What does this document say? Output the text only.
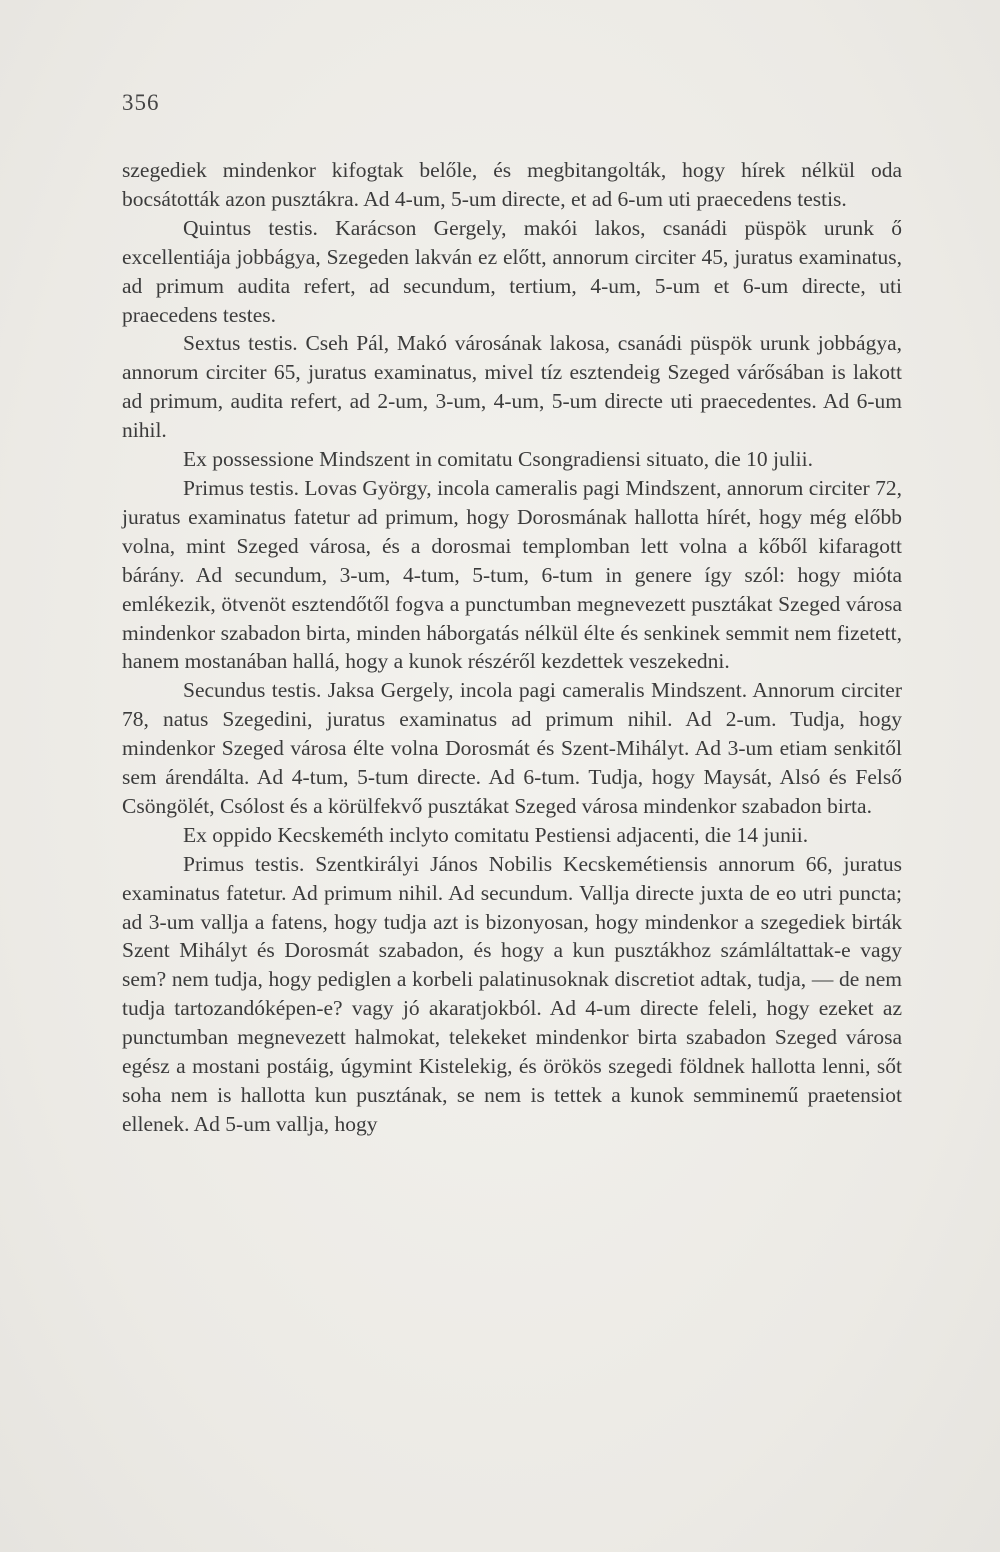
356

szegediek mindenkor kifogtak belőle, és megbitangolták, hogy hírek nélkül oda bocsátották azon pusztákra. Ad 4-um, 5-um directe, et ad 6-um uti praecedens testis.

Quintus testis. Karácson Gergely, makói lakos, csanádi püspök urunk ő excellentiája jobbágya, Szegeden lakván ez előtt, annorum circiter 45, juratus examinatus, ad primum audita refert, ad secundum, tertium, 4-um, 5-um et 6-um directe, uti praecedens testes.

Sextus testis. Cseh Pál, Makó városának lakosa, csanádi püspök urunk jobbágya, annorum circiter 65, juratus examinatus, mivel tíz esztendeig Szeged várősában is lakott ad primum, audita refert, ad 2-um, 3-um, 4-um, 5-um directe uti praecedentes. Ad 6-um nihil.

Ex possessione Mindszent in comitatu Csongradiensi situato, die 10 julii.

Primus testis. Lovas György, incola cameralis pagi Mindszent, annorum circiter 72, juratus examinatus fatetur ad primum, hogy Dorosmának hallotta hírét, hogy még előbb volna, mint Szeged városa, és a dorosmai templomban lett volna a kőből kifaragott bárány. Ad secundum, 3-um, 4-tum, 5-tum, 6-tum in genere így szól: hogy mióta emlékezik, ötvenöt esztendőtől fogva a punctumban megnevezett pusztákat Szeged városa mindenkor szabadon birta, minden háborgatás nélkül élte és senkinek semmit nem fizetett, hanem mostanában hallá, hogy a kunok részéről kezdettek veszekedni.

Secundus testis. Jaksa Gergely, incola pagi cameralis Mindszent. Annorum circiter 78, natus Szegedini, juratus examinatus ad primum nihil. Ad 2-um. Tudja, hogy mindenkor Szeged városa élte volna Dorosmát és Szent-Mihályt. Ad 3-um etiam senkitől sem árendálta. Ad 4-tum, 5-tum directe. Ad 6-tum. Tudja, hogy Maysát, Alsó és Felső Csöngölét, Csólost és a körülfekvő pusztákat Szeged városa mindenkor szabadon birta.

Ex oppido Kecskeméth inclyto comitatu Pestiensi adjacenti, die 14 junii.

Primus testis. Szentkirályi János Nobilis Kecskemétiensis annorum 66, juratus examinatus fatetur. Ad primum nihil. Ad secundum. Vallja directe juxta de eo utri puncta; ad 3-um vallja a fatens, hogy tudja azt is bizonyosan, hogy mindenkor a szegediek birták Szent Mihályt és Dorosmát szabadon, és hogy a kun pusztákhoz számláltattak-e vagy sem? nem tudja, hogy pediglen a korbeli palatinusoknak discretiot adtak, tudja, — de nem tudja tartozandóképen-e? vagy jó akaratjokból. Ad 4-um directe feleli, hogy ezeket az punctumban megnevezett halmokat, telekeket mindenkor birta szabadon Szeged városa egész a mostani postáig, úgymint Kistelekig, és örökös szegedi földnek hallotta lenni, sőt soha nem is hallotta kun pusztának, se nem is tettek a kunok semminemű praetensiot ellenek. Ad 5-um vallja, hogy
